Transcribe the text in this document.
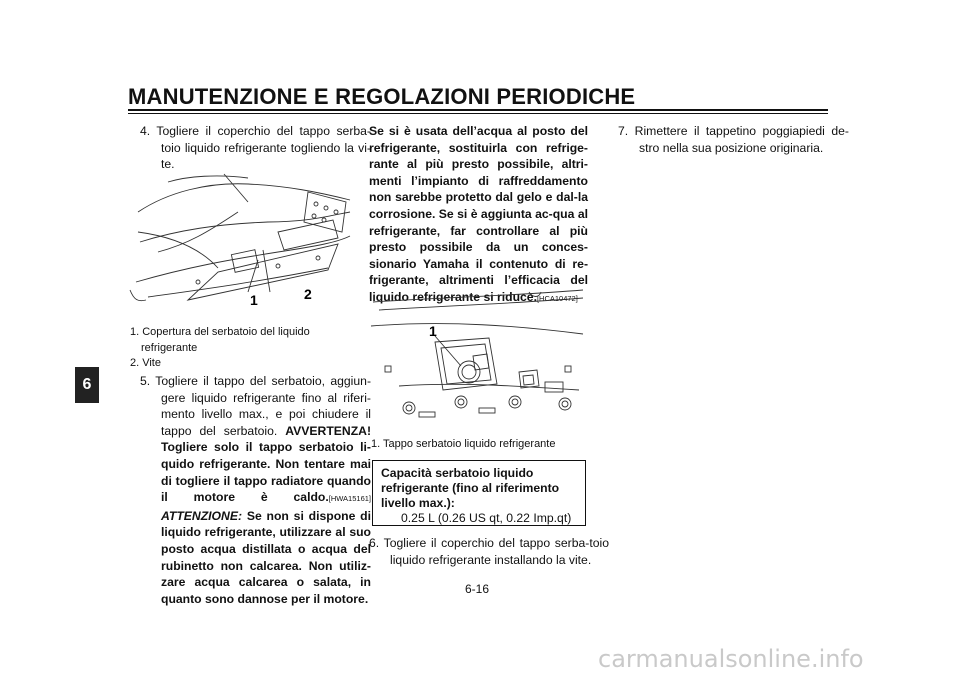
MANUTENZIONE E REGOLAZIONI PERIODICHE
6
4. Togliere il coperchio del tappo serba-toio liquido refrigerante togliendo la vi-te.
1	2
1. Copertura del serbatoio del liquido
refrigerante
2. Vite
5. Togliere il tappo del serbatoio, aggiun-gere liquido refrigerante fino al riferi-mento livello max., e poi chiudere il tappo del serbatoio. AVVERTENZA! Togliere solo il tappo serbatoio li-quido refrigerante. Non tentare mai di togliere il tappo radiatore quando il motore è caldo.[HWA15161] ATTENZIONE: Se non si dispone di liquido refrigerante, utilizzare al suo posto acqua distillata o acqua del rubinetto non calcarea. Non utiliz-zare acqua calcarea o salata, in quanto sono dannose per il motore.
Se si è usata dell’acqua al posto del refrigerante, sostituirla con refrige-rante al più presto possibile, altri-menti l’impianto di raffreddamento non sarebbe protetto dal gelo e dal-la corrosione. Se si è aggiunta ac-qua al refrigerante, far controllare al più presto possibile da un conces-sionario Yamaha il contenuto di re-frigerante, altrimenti l’efficacia del liquido refrigerante si riduce.[HCA10472]
1
1. Tappo serbatoio liquido refrigerante
Capacità serbatoio liquido refrigerante (fino al riferimento livello max.):
0.25 L (0.26 US qt, 0.22 Imp.qt)
6. Togliere il coperchio del tappo serba-toio liquido refrigerante installando la vite.
7. Rimettere il tappetino poggiapiedi de-stro nella sua posizione originaria.
6-16
carmanualsonline.info
